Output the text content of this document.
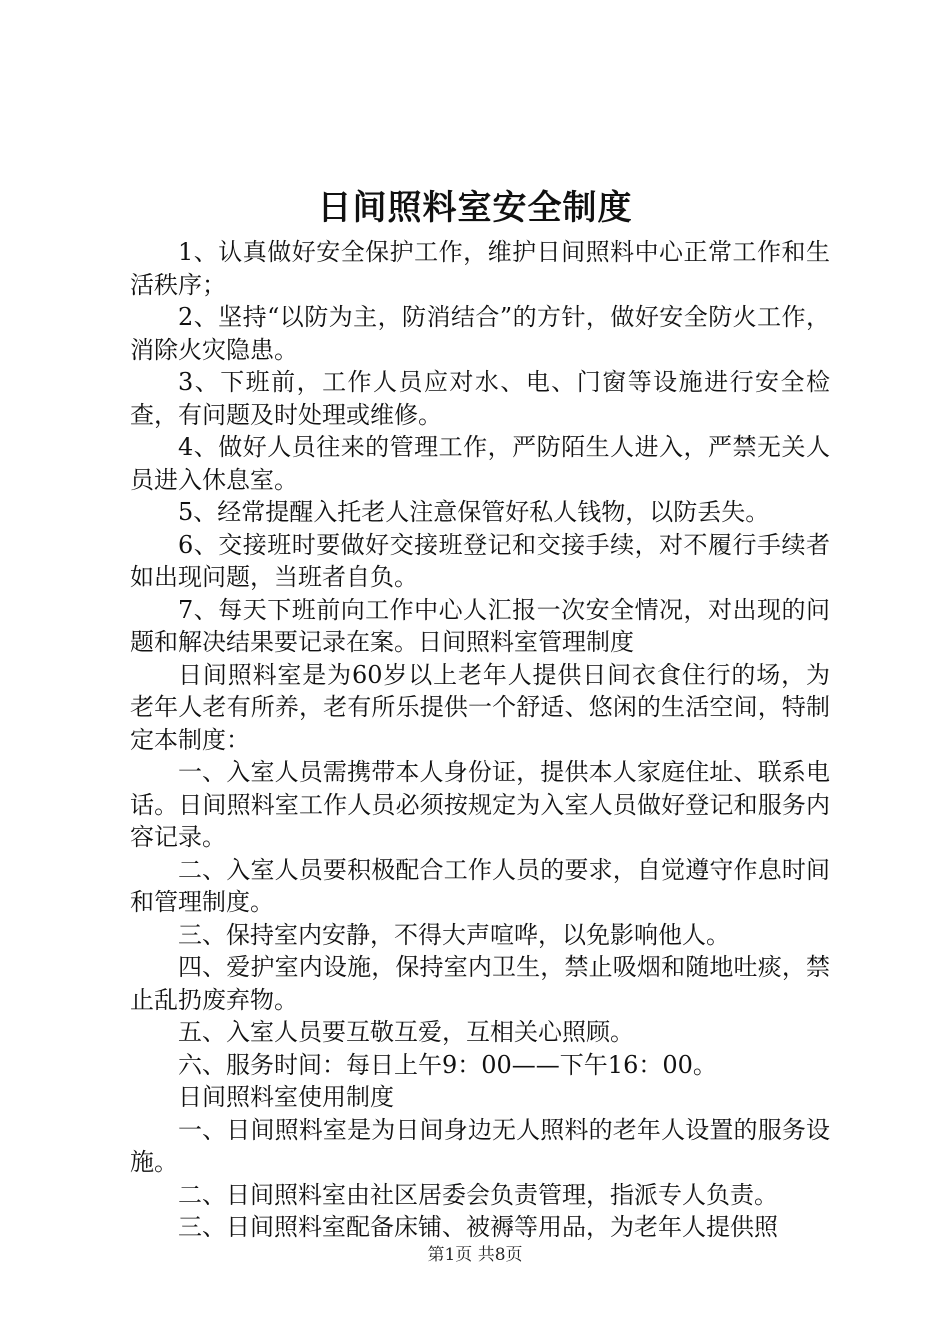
日间照料室安全制度

1、认真做好安全保护工作，维护日间照料中心正常工作和生活秩序；

2、坚持“以防为主，防消结合”的方针，做好安全防火工作，消除火灾隐患。

3、下班前，工作人员应对水、电、门窗等设施进行安全检查，有问题及时处理或维修。

4、做好人员往来的管理工作，严防陌生人进入，严禁无关人员进入休息室。

5、经常提醒入托老人注意保管好私人钱物，以防丢失。

6、交接班时要做好交接班登记和交接手续，对不履行手续者如出现问题，当班者自负。

7、每天下班前向工作中心人汇报一次安全情况，对出现的问题和解决结果要记录在案。日间照料室管理制度

日间照料室是为60岁以上老年人提供日间衣食住行的场，为老年人老有所养，老有所乐提供一个舒适、悠闲的生活空间，特制定本制度：

一、入室人员需携带本人身份证，提供本人家庭住址、联系电话。日间照料室工作人员必须按规定为入室人员做好登记和服务内容记录。

二、入室人员要积极配合工作人员的要求，自觉遵守作息时间和管理制度。

三、保持室内安静，不得大声喧哗，以免影响他人。

四、爱护室内设施，保持室内卫生，禁止吸烟和随地吐痰，禁止乱扔废弃物。

五、入室人员要互敬互爱，互相关心照顾。

六、服务时间：每日上午9：00——下午16：00。

日间照料室使用制度

一、日间照料室是为日间身边无人照料的老年人设置的服务设施。

二、日间照料室由社区居委会负责管理，指派专人负责。

三、日间照料室配备床铺、被褥等用品，为老年人提供照

第1页 共8页
